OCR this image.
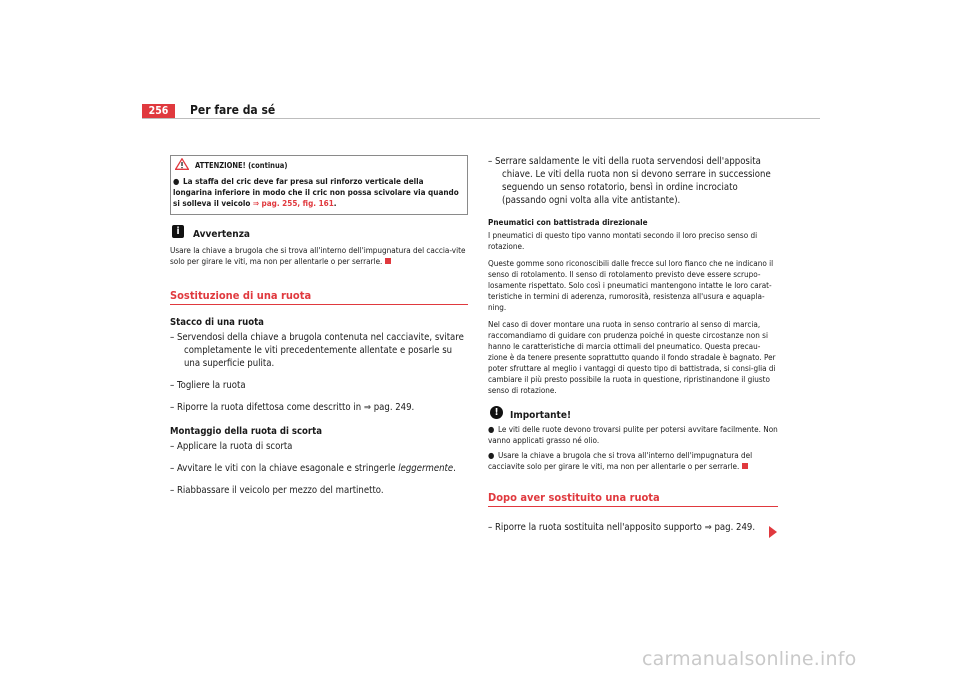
256	Per fare da sé
ATTENZIONE! (continua)
● La staffa del cric deve far presa sul rinforzo verticale della longarina inferiore in modo che il cric non possa scivolare via quando si solleva il veicolo ⇒ pag. 255, fig. 161.
i	Avvertenza
Usare la chiave a brugola che si trova all'interno dell'impugnatura del caccia-vite solo per girare le viti, ma non per allentarle o per serrarle.
Sostituzione di una ruota
Stacco di una ruota
– Servendosi della chiave a brugola contenuta nel cacciavite, svitare completamente le viti precedentemente allentate e posarle su una superficie pulita.
– Togliere la ruota
– Riporre la ruota difettosa come descritto in ⇒ pag. 249.
Montaggio della ruota di scorta
– Applicare la ruota di scorta
– Avvitare le viti con la chiave esagonale e stringerle leggermente.
– Riabbassare il veicolo per mezzo del martinetto.
– Serrare saldamente le viti della ruota servendosi dell'apposita chiave. Le viti della ruota non si devono serrare in successione seguendo un senso rotatorio, bensì in ordine incrociato (passando ogni volta alla vite antistante).
Pneumatici con battistrada direzionale
I pneumatici di questo tipo vanno montati secondo il loro preciso senso di rotazione.
Queste gomme sono riconoscibili dalle frecce sul loro fianco che ne indicano il senso di rotolamento. Il senso di rotolamento previsto deve essere scrupo-losamente rispettato. Solo così i pneumatici mantengono intatte le loro carat-teristiche in termini di aderenza, rumorosità, resistenza all'usura e aquapla-ning.
Nel caso di dover montare una ruota in senso contrario al senso di marcia, raccomandiamo di guidare con prudenza poiché in queste circostanze non si hanno le caratteristiche di marcia ottimali del pneumatico. Questa precau-zione è da tenere presente soprattutto quando il fondo stradale è bagnato. Per poter sfruttare al meglio i vantaggi di questo tipo di battistrada, si consi-glia di cambiare il più presto possibile la ruota in questione, ripristinandone il giusto senso di rotazione.
!	Importante!
● Le viti delle ruote devono trovarsi pulite per potersi avvitare facilmente. Non vanno applicati grasso né olio.
● Usare la chiave a brugola che si trova all'interno dell'impugnatura del cacciavite solo per girare le viti, ma non per allentarle o per serrarle.
Dopo aver sostituito una ruota
– Riporre la ruota sostituita nell'apposito supporto ⇒ pag. 249.
carmanualsonline.info
